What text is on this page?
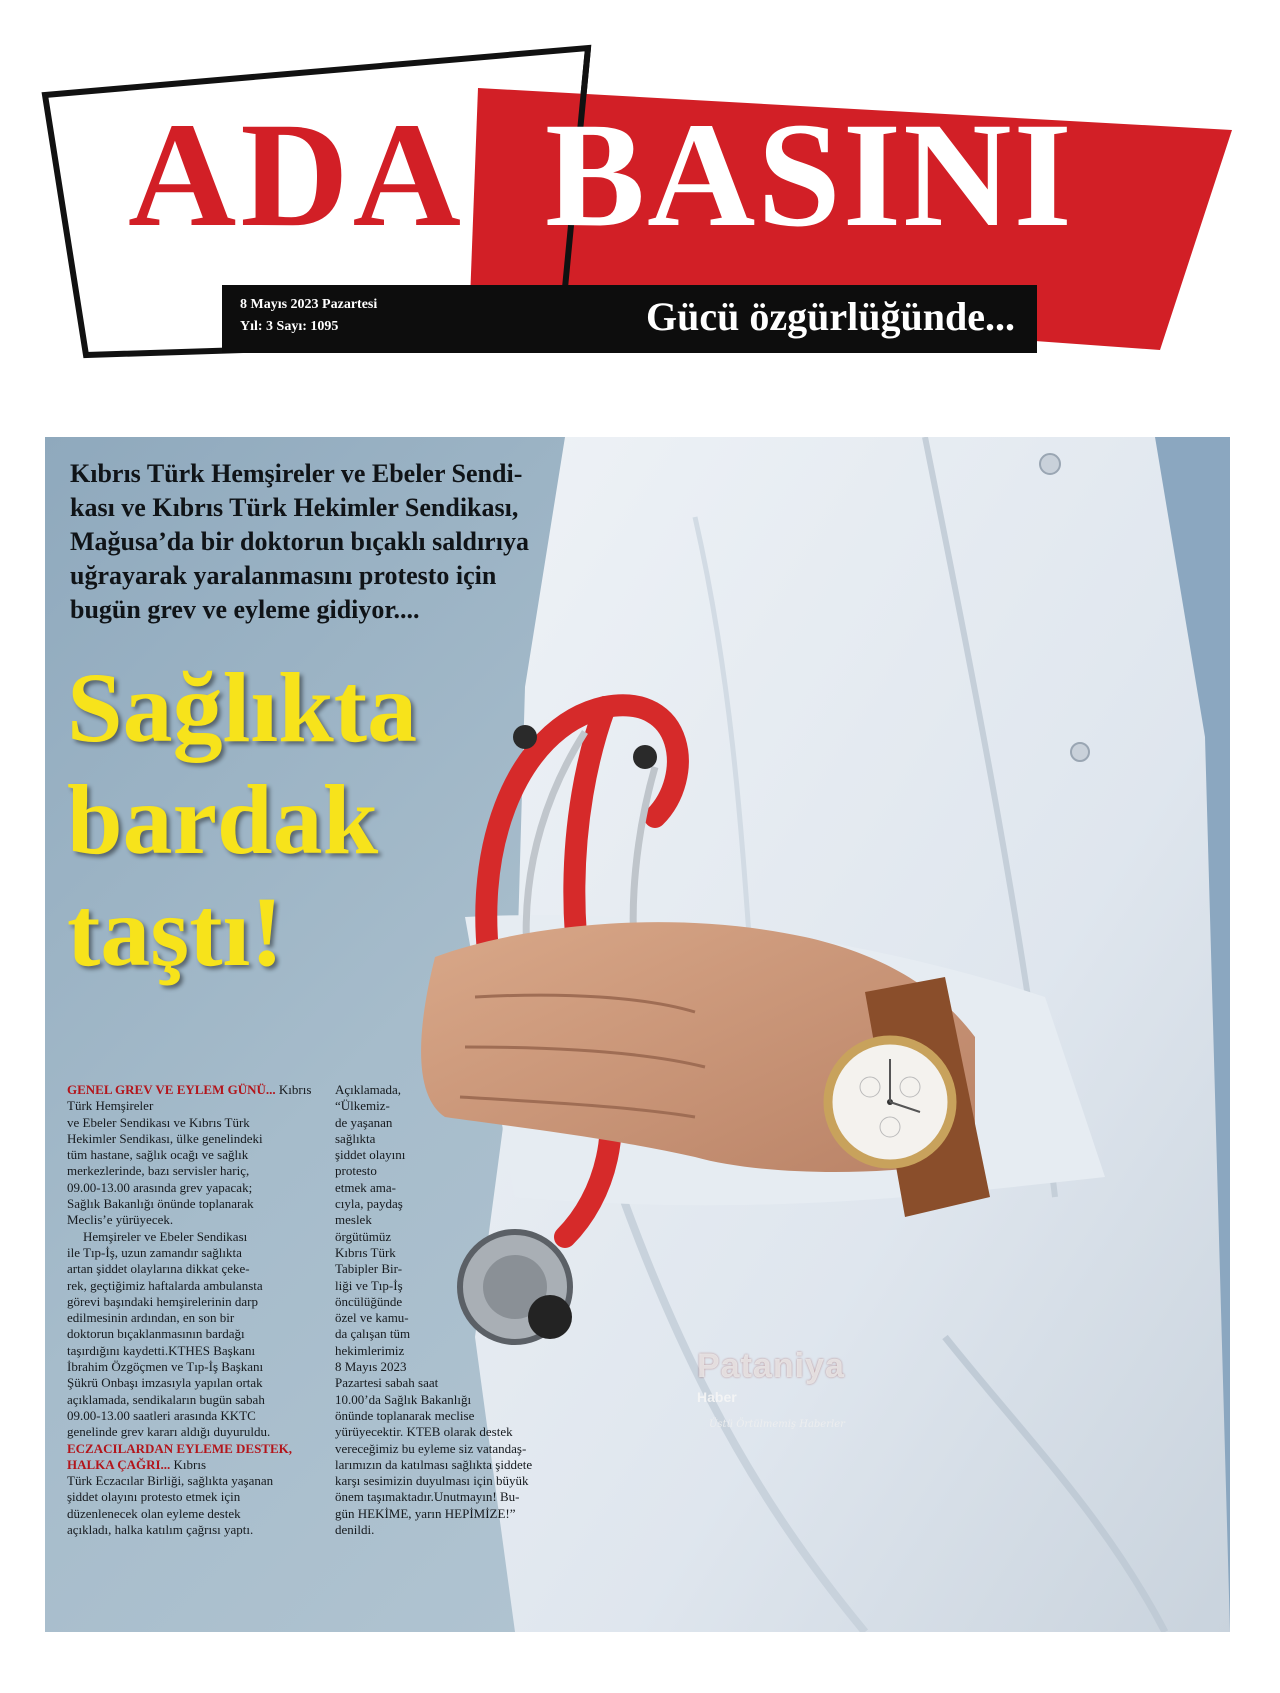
ADA BASINI
8 Mayıs 2023 Pazartesi
Yıl: 3 Sayı: 1095	Gücü özgürlüğünde...
Kıbrıs Türk Hemşireler ve Ebeler Sendi-
kası ve Kıbrıs Türk Hekimler Sendikası,
Mağusa’da bir doktorun bıçaklı saldırıya
uğrayarak yaralanmasını protesto için
bugün grev ve eyleme gidiyor....
Sağlıkta
bardak
taştı!
Pataniya
Haber
Üstü Örtülmemiş Haberler

GENEL GREV VE EYLEM GÜNÜ... Kıbrıs Türk Hemşireler

ve Ebeler Sendikası ve Kıbrıs Türk

Hekimler Sendikası, ülke genelindeki

tüm hastane, sağlık ocağı ve sağlık

merkezlerinde, bazı servisler hariç,

09.00-13.00 arasında grev yapacak;

Sağlık Bakanlığı önünde toplanarak

Meclis’e yürüyecek.

Hemşireler ve Ebeler Sendikası

ile Tıp-İş, uzun zamandır sağlıkta

artan şiddet olaylarına dikkat çeke-

rek, geçtiğimiz haftalarda ambulansta

görevi başındaki hemşirelerinin darp

edilmesinin ardından, en son bir

doktorun bıçaklanmasının bardağı

taşırdığını kaydetti.KTHES Başkanı

İbrahim Özgöçmen ve Tıp-İş Başkanı

Şükrü Onbaşı imzasıyla yapılan ortak

açıklamada, sendikaların bugün sabah

09.00-13.00 saatleri arasında KKTC

genelinde grev kararı aldığı duyuruldu.

ECZACILARDAN EYLEME DESTEK, HALKA ÇAĞRI... Kıbrıs

Türk Eczacılar Birliği, sağlıkta yaşanan

şiddet olayını protesto etmek için

düzenlenecek olan eyleme destek

açıkladı, halka katılım çağrısı yaptı.

Açıklamada,

“Ülkemiz-

de yaşanan

sağlıkta

şiddet olayını

protesto

etmek ama-

cıyla, paydaş

meslek

örgütümüz

Kıbrıs Türk

Tabipler Bir-

liği ve Tıp-İş

öncülüğünde

özel ve kamu-

da çalışan tüm

hekimlerimiz

8 Mayıs 2023

Pazartesi sabah saat

10.00’da Sağlık Bakanlığı

önünde toplanarak meclise

yürüyecektir. KTEB olarak destek

vereceğimiz bu eyleme siz vatandaş-

larımızın da katılması sağlıkta şiddete

karşı sesimizin duyulması için büyük

önem taşımaktadır.Unutmayın! Bu-

gün HEKİME, yarın HEPİMİZE!”

denildi.
